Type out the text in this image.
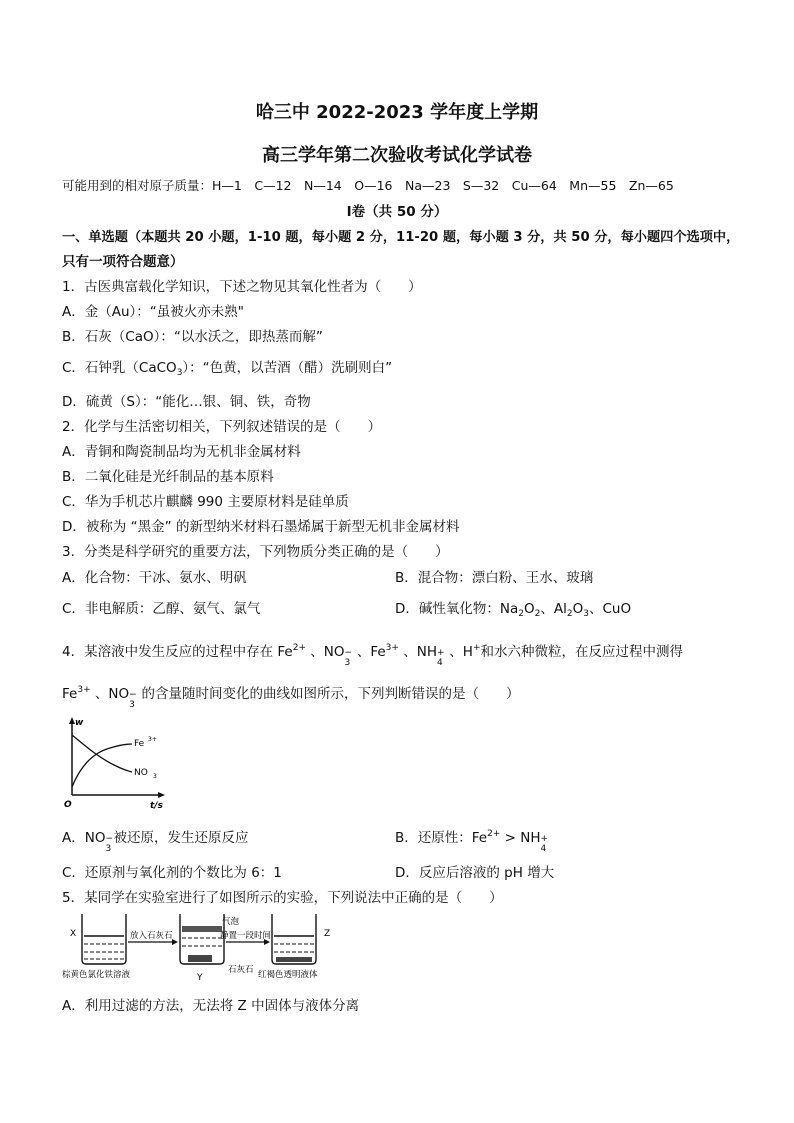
哈三中 2022-2023 学年度上学期
高三学年第二次验收考试化学试卷
可能用到的相对原子质量：H—1　C—12　N—14　O—16　Na—23　S—32　Cu—64　Mn—55　Zn—65
Ⅰ卷（共 50 分）
一、单选题（本题共 20 小题，1-10 题，每小题 2 分，11-20 题，每小题 3 分，共 50 分，每小题四个选项中，
只有一项符合题意）
1．古医典富载化学知识，下述之物见其氧化性者为（　　）
A．金（Au）：“虽被火亦未熟"
B．石灰（CaO）：“以水沃之，即热蒸而解”
C．石钟乳（CaCO$_3$）：“色黄，以苦酒（醋）洗刷则白”
D．硫黄（S）：“能化…银、铜、铁，奇物
2．化学与生活密切相关，下列叙述错误的是（　　）
A．青铜和陶瓷制品均为无机非金属材料
B．二氧化硅是光纤制品的基本原料
C．华为手机芯片麒麟 990 主要原材料是硅单质
D．被称为 “黑金” 的新型纳米材料石墨烯属于新型无机非金属材料
3．分类是科学研究的重要方法，下列物质分类正确的是（　　）
A．化合物：干冰、氨水、明矾	B．混合物：漂白粉、王水、玻璃
C．非电解质：乙醇、氨气、氯气	D．碱性氧化物：$Na_2O_2$、$Al_2O_3$、CuO
4．某溶液中发生反应的过程中存在 $Fe^{2+}$ 、NO −
3
、$Fe^{3+}$ 、NH +
4
、H+和水六种微粒，在反应过程中测得
$Fe^{3+}$ 、NO −
3
的含量随时间变化的曲线如图所示，下列判断错误的是（　　）
w
O	t/s
Fe 3+
NO 3
A．NO −
3
被还原，发生还原反应	B．还原性：$Fe^{2+}$ > NH +
4
C．还原剂与氧化剂的个数比为 6：1	D．反应后溶液的 pH 增大
5．某同学在实验室进行了如图所示的实验，下列说法中正确的是（　　）
X	放入石灰石
气泡
Y
静置一段时间	Z
棕黄色氯化铁溶液	石灰石 红褐色透明液体
A．利用过滤的方法，无法将 Z 中固体与液体分离
